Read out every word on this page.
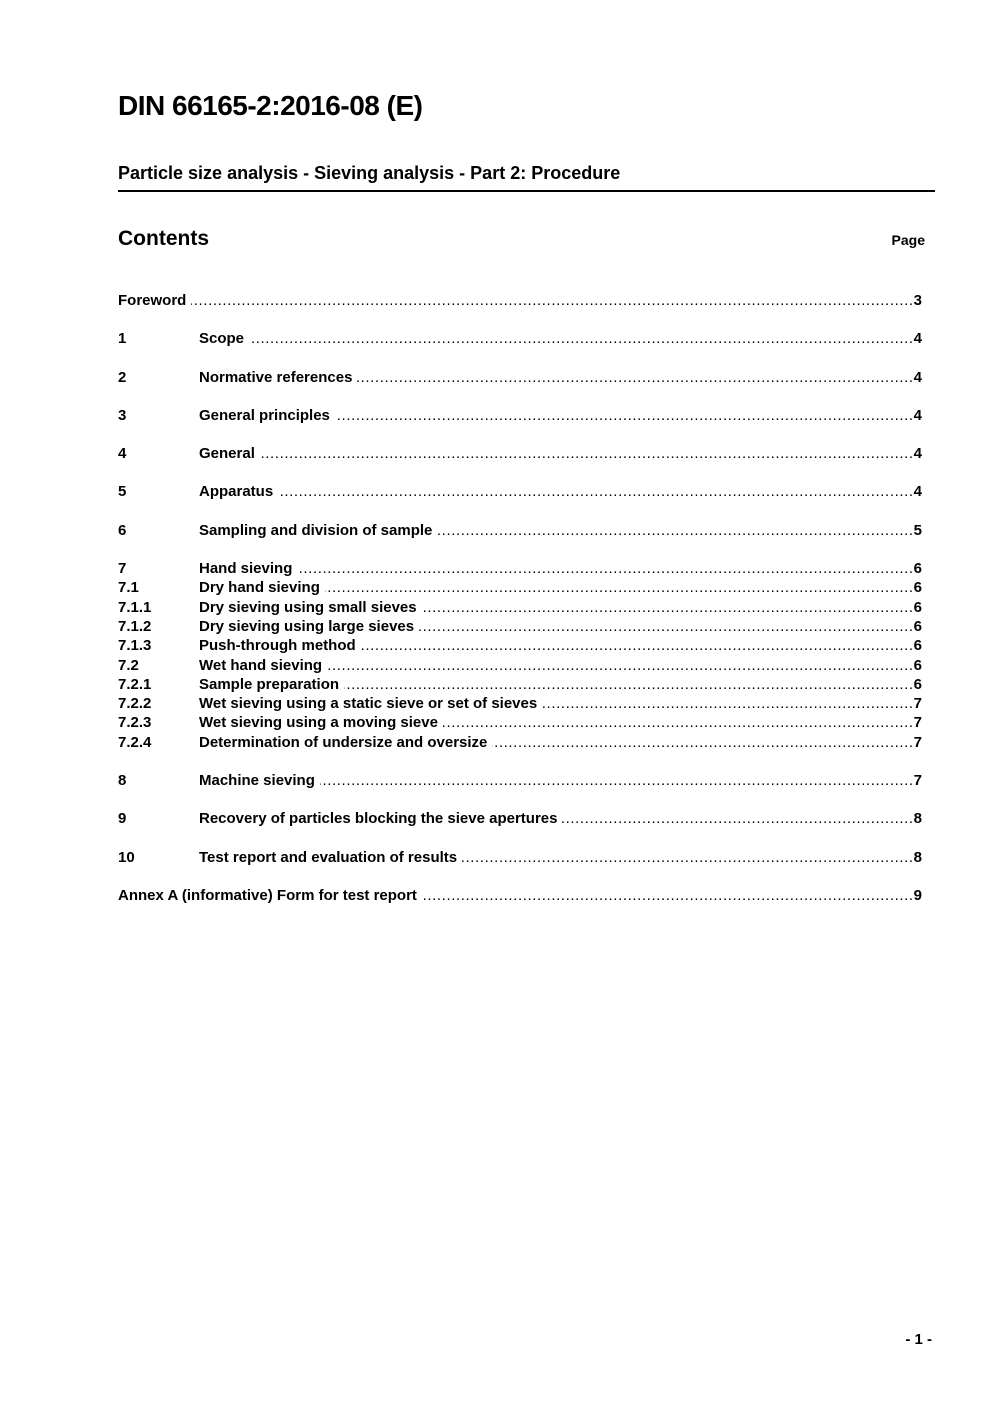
DIN 66165-2:2016-08 (E)
Particle size analysis - Sieving analysis - Part 2: Procedure
Contents	Page
Foreword .....	3
1	Scope .....	4
2	Normative references .....	4
3	General principles .....	4
4	General .....	4
5	Apparatus .....	4
6	Sampling and division of sample .....	5
7	Hand sieving .....	6
7.1	Dry hand sieving .....	6
7.1.1	Dry sieving using small sieves .....	6
7.1.2	Dry sieving using large sieves .....	6
7.1.3	Push-through method .....	6
7.2	Wet hand sieving .....	6
7.2.1	Sample preparation .....	6
7.2.2	Wet sieving using a static sieve or set of sieves .....	7
7.2.3	Wet sieving using a moving sieve .....	7
7.2.4	Determination of undersize and oversize .....	7
8	Machine sieving .....	7
9	Recovery of particles blocking the sieve apertures .....	8
10	Test report and evaluation of results .....	8
Annex A (informative) Form for test report .....	9
- 1 -
